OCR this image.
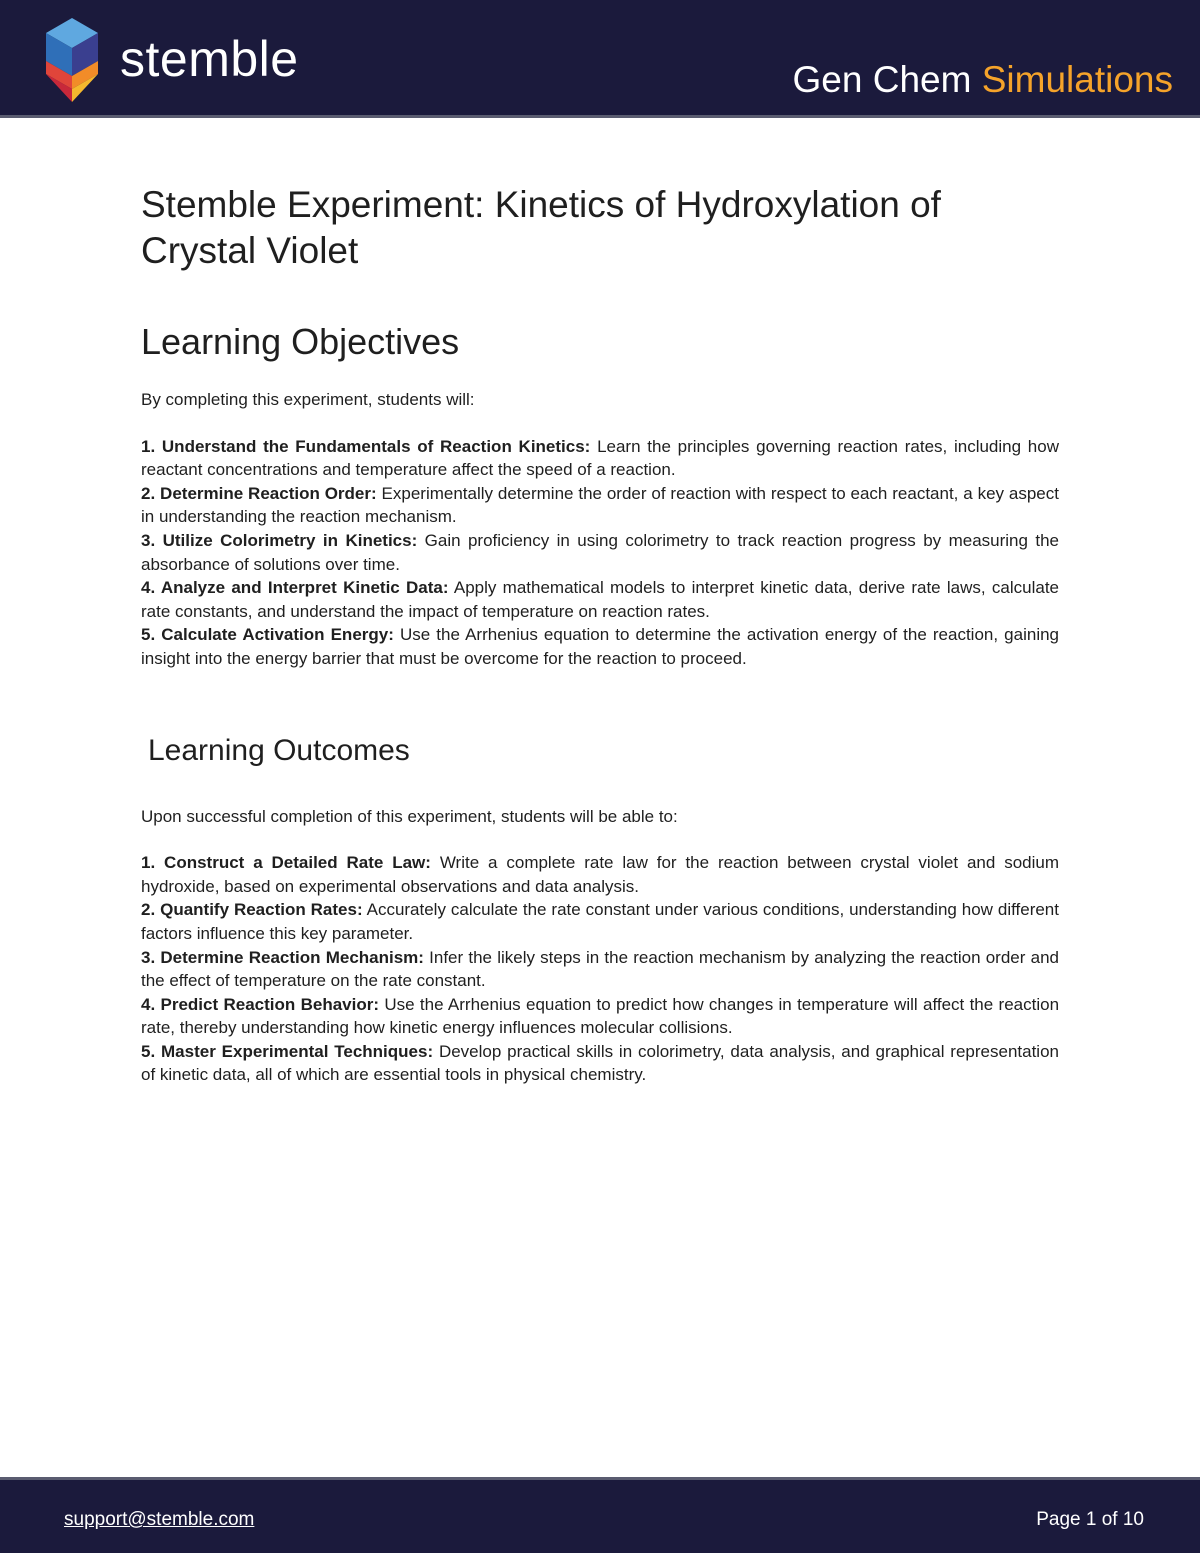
stemble	Gen Chem Simulations
Stemble Experiment: Kinetics of Hydroxylation of Crystal Violet
Learning Objectives

By completing this experiment, students will:

1. Understand the Fundamentals of Reaction Kinetics: Learn the principles governing reaction rates, including how reactant concentrations and temperature affect the speed of a reaction.
2. Determine Reaction Order: Experimentally determine the order of reaction with respect to each reactant, a key aspect in understanding the reaction mechanism.
3. Utilize Colorimetry in Kinetics: Gain proficiency in using colorimetry to track reaction progress by measuring the absorbance of solutions over time.
4. Analyze and Interpret Kinetic Data: Apply mathematical models to interpret kinetic data, derive rate laws, calculate rate constants, and understand the impact of temperature on reaction rates.
5. Calculate Activation Energy: Use the Arrhenius equation to determine the activation energy of the reaction, gaining insight into the energy barrier that must be overcome for the reaction to proceed.
Learning Outcomes

Upon successful completion of this experiment, students will be able to:

1. Construct a Detailed Rate Law: Write a complete rate law for the reaction between crystal violet and sodium hydroxide, based on experimental observations and data analysis.
2. Quantify Reaction Rates: Accurately calculate the rate constant under various conditions, understanding how different factors influence this key parameter.
3. Determine Reaction Mechanism: Infer the likely steps in the reaction mechanism by analyzing the reaction order and the effect of temperature on the rate constant.
4. Predict Reaction Behavior: Use the Arrhenius equation to predict how changes in temperature will affect the reaction rate, thereby understanding how kinetic energy influences molecular collisions.
5. Master Experimental Techniques: Develop practical skills in colorimetry, data analysis, and graphical representation of kinetic data, all of which are essential tools in physical chemistry.
support@stemble.com	Page 1 of 10
